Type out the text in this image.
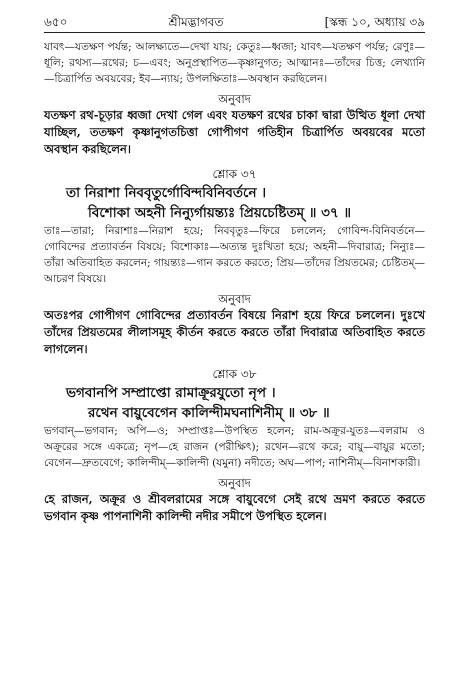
৬৫০	শ্রীমদ্ভাগবত	[স্কন্ধ ১০, অধ্যায় ৩৯
যাবৎ—যতক্ষণ পর্যন্ত; আলক্ষ্যতে—দেখা যায়; কেতুঃ—ধ্বজা; যাবৎ—যতক্ষণ পর্যন্ত; রেণুঃ—ধূলি; রথস্য—রথের; চ—এবং; অনুপ্রস্থাপিত—কৃষ্ণানুগত; আত্মানঃ—তাঁদের চিত্ত; লেখ্যানি—চিত্রার্পিত অবয়বের; ইব—ন্যায়; উপলক্ষিতাঃ—অবস্থান করছিলেন।
অনুবাদ
যতক্ষণ রথ-চূড়ার ধ্বজা দেখা গেল এবং যতক্ষণ রথের চাকা দ্বারা উত্থিত ধূলা দেখা যাচ্ছিল, ততক্ষণ কৃষ্ণানুগতচিত্তা গোপীগণ গতিহীন চিত্রার্পিত অবয়বের মতো অবস্থান করছিলেন।
শ্লোক ৩৭
তা নিরাশা নিববৃতুর্গোবিন্দবিনিবর্তনে ।
বিশোকা অহনী নিন্যুর্গায়ন্ত্যঃ প্রিয়চেষ্টিতম্ ॥ ৩৭ ॥
তাঃ—তারা; নিরাশাঃ—নিরাশ হয়ে; নিববৃতুঃ—ফিরে চললেন; গোবিন্দ-বিনিবর্তনে—গোবিন্দের প্রত্যাবর্তন বিষয়ে; বিশোকাঃ—অত্যন্ত দুঃখিতা হয়ে; অহনী—দিবারাত্র; নিন্যুঃ—তাঁরা অতিবাহিত করলেন; গায়ন্ত্যঃ—গান করতে করতে; প্রিয়—তাঁদের প্রিয়তমের; চেষ্টিতম্—আচরণ বিষয়ে।
অনুবাদ
অতঃপর গোপীগণ গোবিন্দের প্রত্যাবর্তন বিষয়ে নিরাশ হয়ে ফিরে চললেন। দুঃখে তাঁদের প্রিয়তমের লীলাসমূহ কীর্তন করতে করতে তাঁরা দিবারাত্র অতিবাহিত করতে লাগলেন।
শ্লোক ৩৮
ভগবানপি সম্প্রাপ্তো রামাক্রূরযুতো নৃপ ।
রথেন বায়ুবেগেন কালিন্দীমঘনাশিনীম্ ॥ ৩৮ ॥
ভগবান্—ভগবান; অপি—ও; সম্প্রাপ্তঃ—উপস্থিত হলেন; রাম-অক্রূর-যুতঃ—বলরাম ও অক্রূরের সঙ্গে একত্রে; নৃপ—হে রাজন (পরীক্ষিৎ); রথেন—রথে করে; বায়ু—বায়ুর মতো; বেগেন—দ্রুতবেগে; কালিন্দীম্—কালিন্দী (যমুনা) নদীতে; অঘ—পাপ; নাশিনীম্—বিনাশকারী।
অনুবাদ
হে রাজন, অক্রূর ও শ্রীবলরামের সঙ্গে বায়ুবেগে সেই রথে ভ্রমণ করতে করতে ভগবান কৃষ্ণ পাপনাশিনী কালিন্দী নদীর সমীপে উপস্থিত হলেন।
